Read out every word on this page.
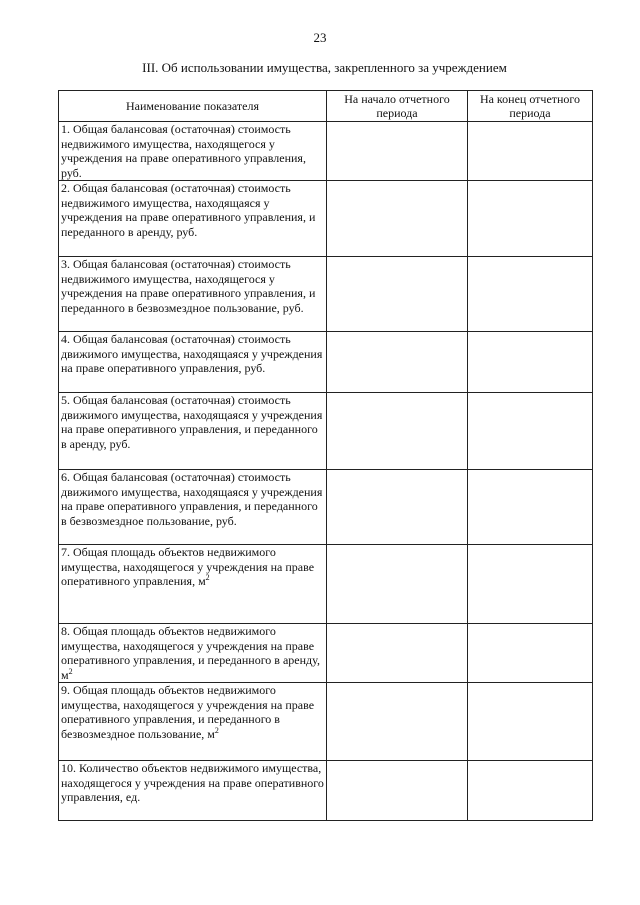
23
III. Об использовании имущества, закрепленного за учреждением
Наименование показателя	На начало отчетного периода	На конец отчетного периода
1. Общая балансовая (остаточная) стоимость недвижимого имущества, находящегося у учреждения на праве оперативного управления, руб.		
2. Общая балансовая (остаточная) стоимость недвижимого имущества, находящаяся у учреждения на праве оперативного управления, и переданного в аренду, руб.		
3. Общая балансовая (остаточная) стоимость недвижимого имущества, находящегося у учреждения на праве оперативного управления, и переданного в безвозмездное пользование, руб.		
4. Общая балансовая (остаточная) стоимость движимого имущества, находящаяся у учреждения на праве оперативного управления, руб.		
5. Общая балансовая (остаточная) стоимость движимого имущества, находящаяся у учреждения на праве оперативного управления, и переданного в аренду, руб.		
6. Общая балансовая (остаточная) стоимость движимого имущества, находящаяся у учреждения на праве оперативного управления, и переданного в безвозмездное пользование, руб.		
7. Общая площадь объектов недвижимого имущества, находящегося у учреждения на праве оперативного управления, $м^2$		
8. Общая площадь объектов недвижимого имущества, находящегося у учреждения на праве оперативного управления, и переданного в аренду, $м^2$		
9. Общая площадь объектов недвижимого имущества, находящегося у учреждения на праве оперативного управления, и переданного в безвозмездное пользование, $м^2$		
10. Количество объектов недвижимого имущества, находящегося у учреждения на праве оперативного управления, ед.		
